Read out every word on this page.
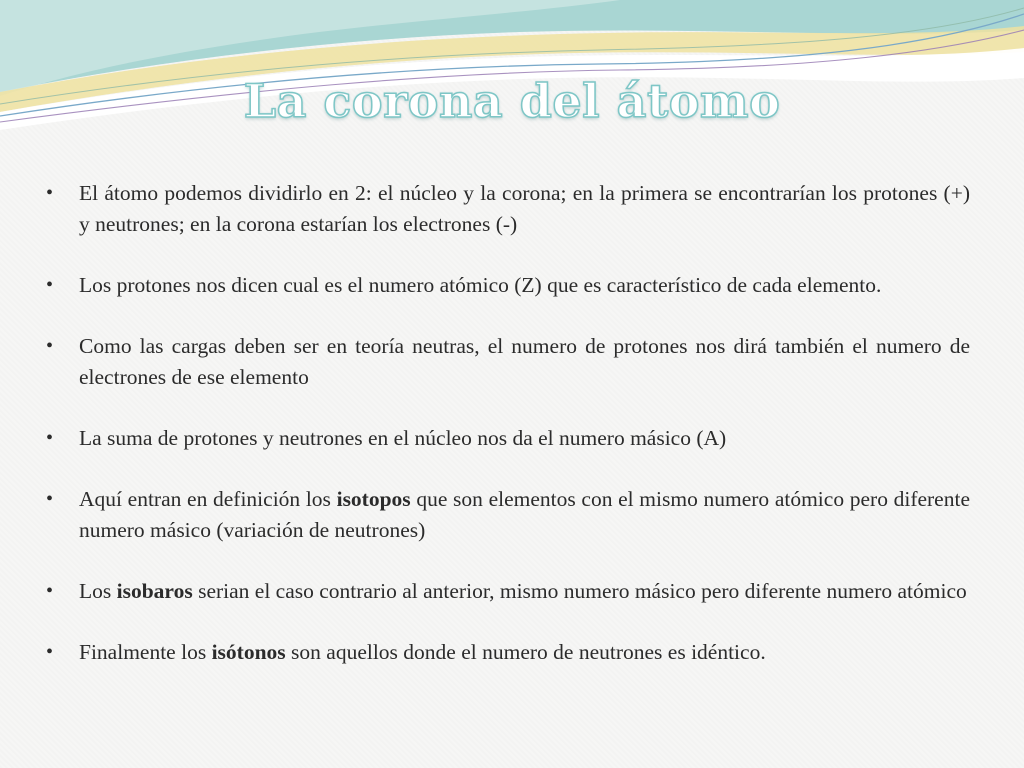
La corona del átomo
•	El átomo podemos dividirlo en 2: el núcleo y la corona; en la primera se encontrarían los protones (+) y neutrones; en la corona estarían los electrones (-)
•	Los protones nos dicen cual es el numero atómico (Z) que es característico de cada elemento.
•	Como las cargas deben ser en teoría neutras, el numero de protones nos dirá también el numero de electrones de ese elemento
•	La suma de protones y neutrones en el núcleo nos da el numero másico (A)
•	Aquí entran en definición los isotopos que son elementos con el mismo numero atómico pero diferente numero másico (variación de neutrones)
•	Los isobaros serian el caso contrario al anterior, mismo numero másico pero diferente numero atómico
•	Finalmente los isótonos son aquellos donde el numero de neutrones es idéntico.
